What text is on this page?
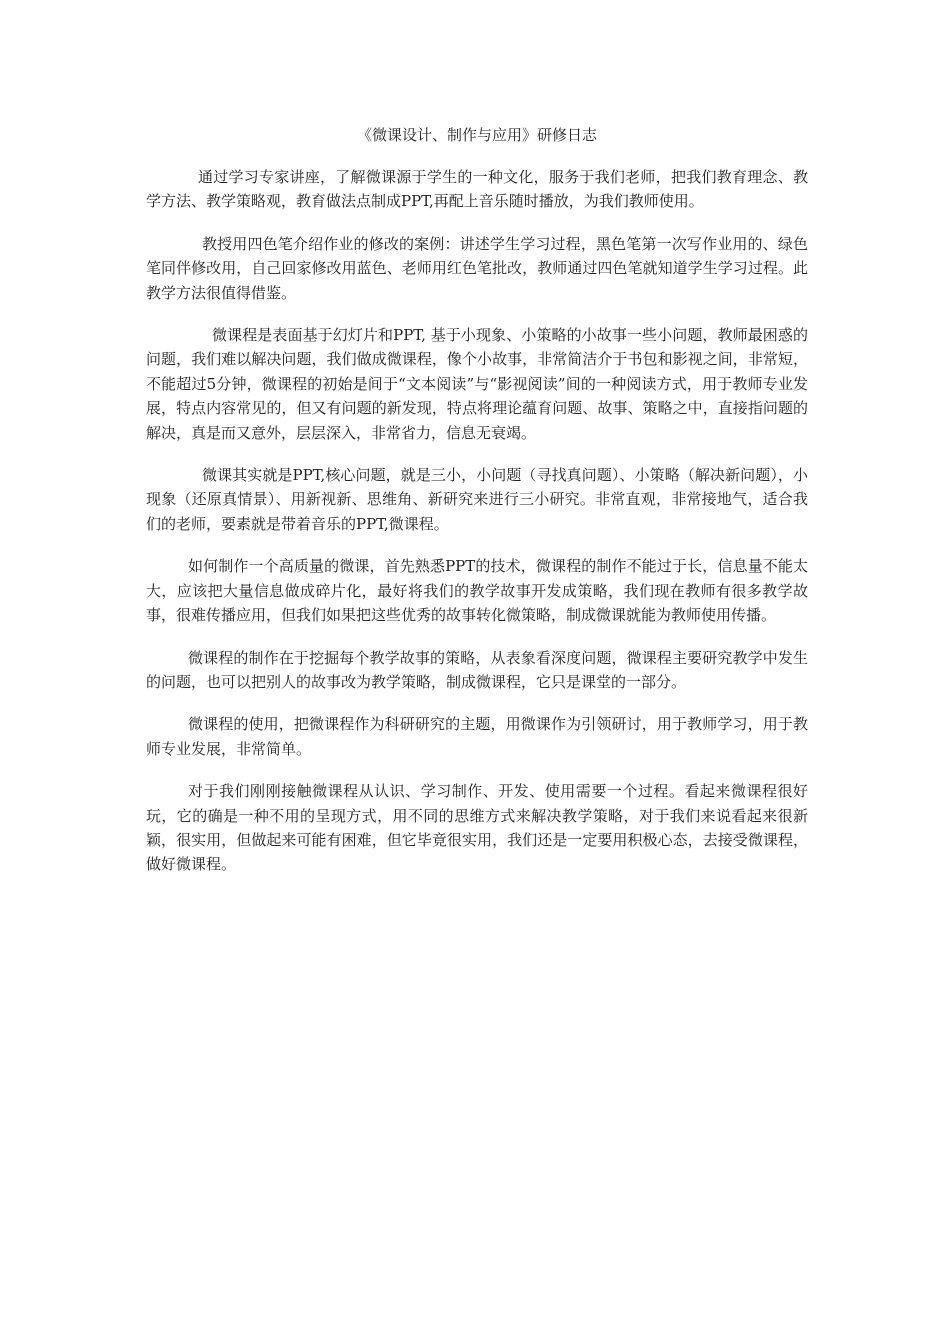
《微课设计、制作与应用》研修日志

通过学习专家讲座，了解微课源于学生的一种文化，服务于我们老师，把我们教育理念、教学方法、教学策略观，教育做法点制成PPT,再配上音乐随时播放，为我们教师使用。

教授用四色笔介绍作业的修改的案例：讲述学生学习过程，黑色笔第一次写作业用的、绿色笔同伴修改用，自己回家修改用蓝色、老师用红色笔批改，教师通过四色笔就知道学生学习过程。此教学方法很值得借鉴。

微课程是表面基于幻灯片和PPT, 基于小现象、小策略的小故事一些小问题，教师最困惑的问题，我们难以解决问题，我们做成微课程，像个小故事，非常简洁介于书包和影视之间，非常短，不能超过5分钟，微课程的初始是间于“文本阅读”与“影视阅读”间的一种阅读方式，用于教师专业发展，特点内容常见的，但又有问题的新发现，特点将理论蕴育问题、故事、策略之中，直接指问题的解决，真是而又意外，层层深入，非常省力，信息无衰竭。

微课其实就是PPT,核心问题，就是三小，小问题（寻找真问题）、小策略（解决新问题），小现象（还原真情景）、用新视新、思维角、新研究来进行三小研究。非常直观，非常接地气，适合我们的老师，要素就是带着音乐的PPT,微课程。

如何制作一个高质量的微课，首先熟悉PPT的技术，微课程的制作不能过于长，信息量不能太大，应该把大量信息做成碎片化，最好将我们的教学故事开发成策略，我们现在教师有很多教学故事，很难传播应用，但我们如果把这些优秀的故事转化微策略，制成微课就能为教师使用传播。

微课程的制作在于挖掘每个教学故事的策略，从表象看深度问题，微课程主要研究教学中发生的问题，也可以把别人的故事改为教学策略，制成微课程，它只是课堂的一部分。

微课程的使用，把微课程作为科研研究的主题，用微课作为引领研讨，用于教师学习，用于教师专业发展，非常简单。

对于我们刚刚接触微课程从认识、学习制作、开发、使用需要一个过程。看起来微课程很好玩，它的确是一种不用的呈现方式，用不同的思维方式来解决教学策略，对于我们来说看起来很新颖，很实用，但做起来可能有困难，但它毕竟很实用，我们还是一定要用积极心态，去接受微课程，做好微课程。
